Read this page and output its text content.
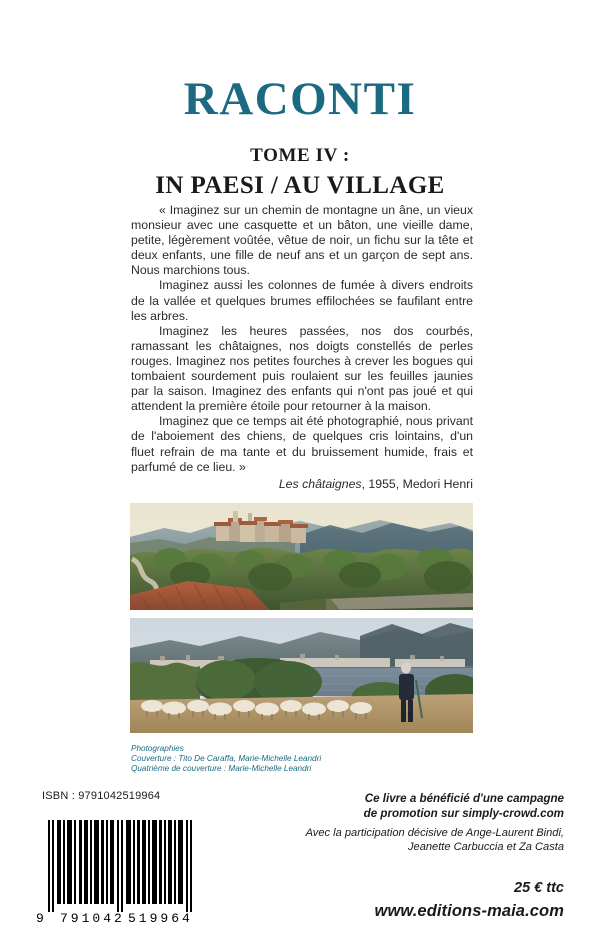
RACONTI
TOME IV :
IN PAESI / AU VILLAGE

« Imaginez sur un chemin de montagne un âne, un vieux monsieur avec une casquette et un bâton, une vieille dame, petite, légèrement voûtée, vêtue de noir, un fichu sur la tête et deux enfants, une fille de neuf ans et un garçon de sept ans. Nous marchions tous.

Imaginez aussi les colonnes de fumée à divers endroits de la vallée et quelques brumes effilochées se faufilant entre les arbres.

Imaginez les heures passées, nos dos courbés, ramassant les châtaignes, nos doigts constellés de perles rouges. Imaginez nos petites fourches à crever les bogues qui tombaient sourdement puis roulaient sur les feuilles jaunies par la saison. Imaginez des enfants qui n'ont pas joué et qui attendent la première étoile pour retourner à la maison.

Imaginez que ce temps ait été photographié, nous privant de l'aboiement des chiens, de quelques cris lointains, d'un fluet refrain de ma tante et du bruissement humide, frais et parfumé de ce lieu. »

Les châtaignes, 1955, Medori Henri
Photographies
Couverture : Tito De Caraffa, Marie-Michelle Leandri
Quatrième de couverture : Marie-Michelle Leandri
ISBN : 9791042519964
9 791042 519964
Ce livre a bénéficié d'une campagne
de promotion sur simply-crowd.com
Avec la participation décisive de Ange-Laurent Bindi,
Jeanette Carbuccia et Za Casta
25 € ttc
www.editions-maia.com
